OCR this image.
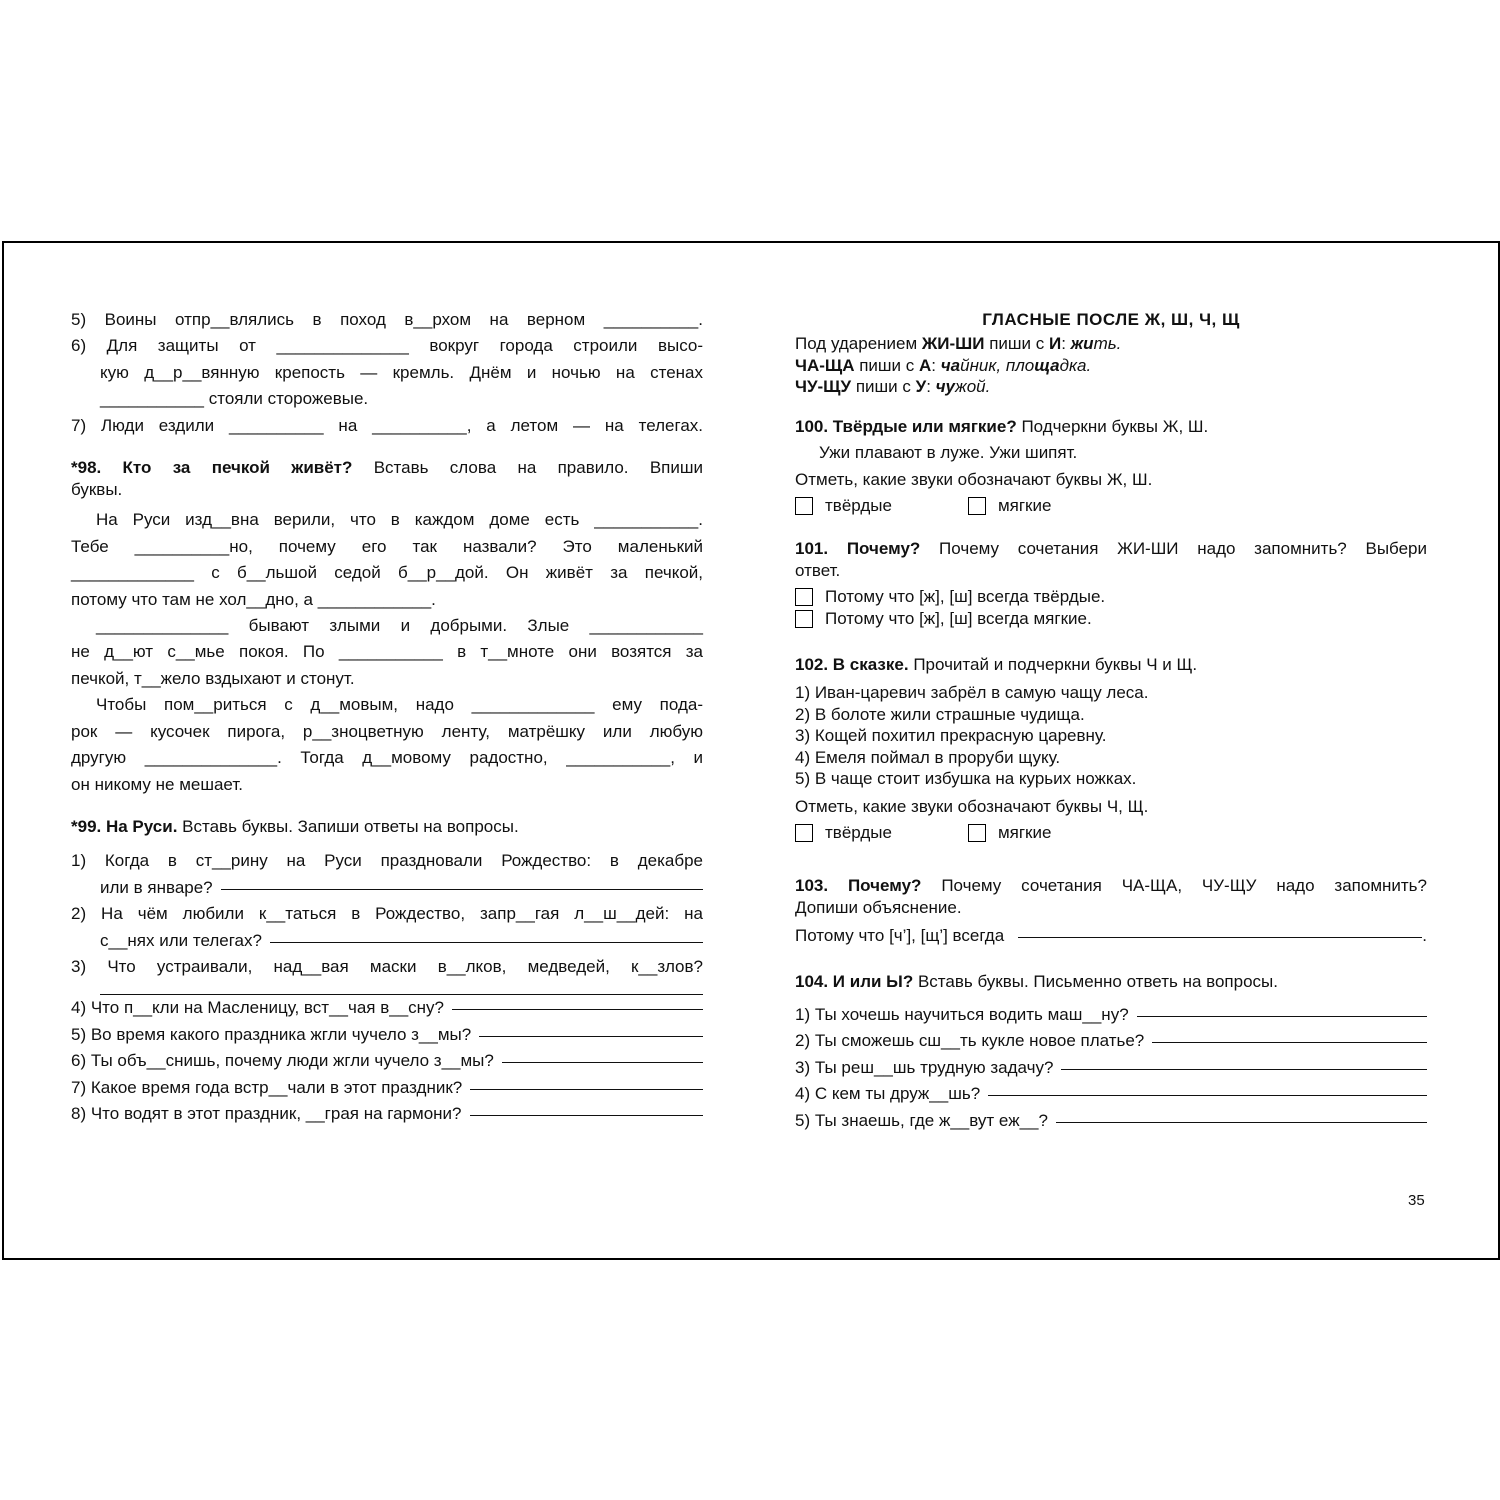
5) Воины отпр__влялись в поход в__рхом на верном __________.

6) Для защиты от ______________ вокруг города строили высо-

кую д__р__вянную крепость — кремль. Днём и ночью на стенах

___________ стояли сторожевые.

7) Люди ездили __________ на __________, а летом — на телегах.

*98. Кто за печкой живёт? Вставь слова на правило. Впиши

буквы.

На Руси изд__вна верили, что в каждом доме есть ___________.

Тебе __________но, почему его так назвали? Это маленький

_____________ с б__льшой седой б__р__дой. Он живёт за печкой,

потому что там не хол__дно, а ____________.

______________ бывают злыми и добрыми. Злые ____________

не д__ют с__мье покоя. По ___________ в т__мноте они возятся за

печкой, т__жело вздыхают и стонут.

Чтобы пом__риться с д__мовым, надо _____________ ему пода-

рок — кусочек пирога, р__зноцветную ленту, матрёшку или любую

другую ______________. Тогда д__мовому радостно, ___________, и

он никому не мешает.

*99. На Руси. Вставь буквы. Запиши ответы на вопросы.

1) Когда в ст__рину на Руси праздновали Рождество: в декабре

или в январе?

2) На чём любили к__таться в Рождество, запр__гая л__ш__дей: на

с__нях или телегах?

3) Что устраивали, над__вая маски в__лков, медведей, к__злов?

4) Что п__кли на Масленицу, вст__чая в__сну?

5) Во время какого праздника жгли чучело з__мы?

6) Ты объ__снишь, почему люди жгли чучело з__мы?

7) Какое время года встр__чали в этот праздник?

8) Что водят в этот праздник, __грая на гармони?

ГЛАСНЫЕ ПОСЛЕ Ж, Ш, Ч, Щ

Под ударением ЖИ-ШИ пиши с И: жить.

ЧА-ЩА пиши с А: чайник, площадка.

ЧУ-ЩУ пиши с У: чужой.

100. Твёрдые или мягкие? Подчеркни буквы Ж, Ш.

Ужи плавают в луже. Ужи шипят.

Отметь, какие звуки обозначают буквы Ж, Ш.

твёрдые	мягкие

101. Почему? Почему сочетания ЖИ-ШИ надо запомнить? Выбери

ответ.

Потому что [ж], [ш] всегда твёрдые.
Потому что [ж], [ш] всегда мягкие.

102. В сказке. Прочитай и подчеркни буквы Ч и Щ.

1) Иван-царевич забрёл в самую чащу леса.

2) В болоте жили страшные чудища.

3) Кощей похитил прекрасную царевну.

4) Емеля поймал в проруби щуку.

5) В чаще стоит избушка на курьих ножках.

Отметь, какие звуки обозначают буквы Ч, Щ.

твёрдые	мягкие

103. Почему? Почему сочетания ЧА-ЩА, ЧУ-ЩУ надо запомнить?

Допиши объяснение.

Потому что [ч’], [щ’] всегда	.

104. И или Ы? Вставь буквы. Письменно ответь на вопросы.

1) Ты хочешь научиться водить маш__ну?

2) Ты сможешь сш__ть кукле новое платье?

3) Ты реш__шь трудную задачу?

4) С кем ты друж__шь?

5) Ты знаешь, где ж__вут еж__?

35
